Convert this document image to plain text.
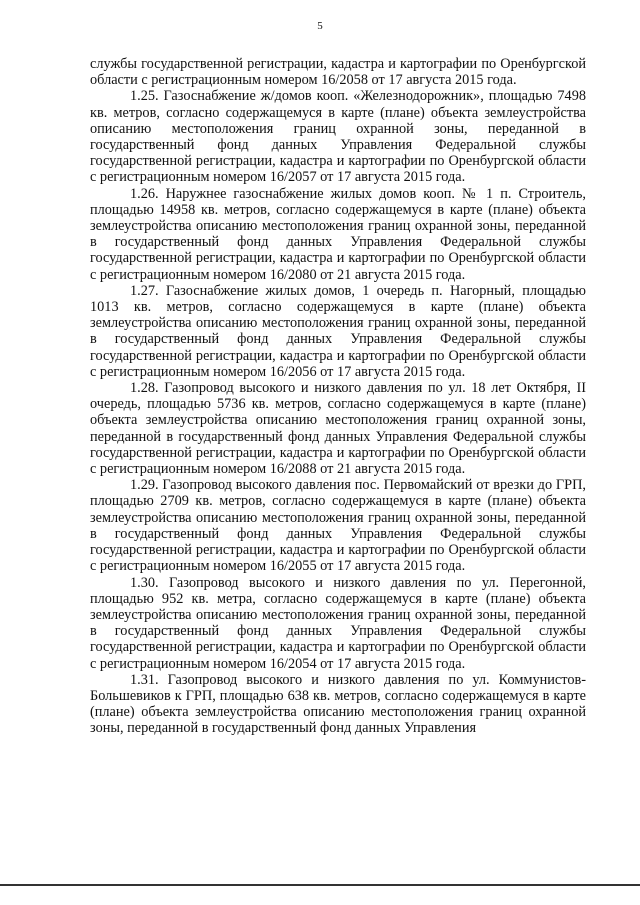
5

службы государственной регистрации, кадастра и картографии по Оренбургской области с регистрационным номером 16/2058 от 17 августа 2015 года.

1.25. Газоснабжение ж/домов кооп. «Железнодорожник», площадью 7498 кв. метров, согласно содержащемуся в карте (плане) объекта землеустройства описанию местоположения границ охранной зоны, переданной в государственный фонд данных Управления Федеральной службы государственной регистрации, кадастра и картографии по Оренбургской области с регистрационным номером 16/2057 от 17 августа 2015 года.

1.26. Наружнее газоснабжение жилых домов кооп. № 1 п. Строитель, площадью 14958 кв. метров, согласно содержащемуся в карте (плане) объекта землеустройства описанию местоположения границ охранной зоны, переданной в государственный фонд данных Управления Федеральной службы государственной регистрации, кадастра и картографии по Оренбургской области с регистрационным номером 16/2080 от 21 августа 2015 года.

1.27. Газоснабжение жилых домов, 1 очередь п. Нагорный, площадью 1013 кв. метров, согласно содержащемуся в карте (плане) объекта землеустройства описанию местоположения границ охранной зоны, переданной в государственный фонд данных Управления Федеральной службы государственной регистрации, кадастра и картографии по Оренбургской области с регистрационным номером 16/2056 от 17 августа 2015 года.

1.28. Газопровод высокого и низкого давления по ул. 18 лет Октября, II очередь, площадью 5736 кв. метров, согласно содержащемуся в карте (плане) объекта землеустройства описанию местоположения границ охранной зоны, переданной в государственный фонд данных Управления Федеральной службы государственной регистрации, кадастра и картографии по Оренбургской области с регистрационным номером 16/2088 от 21 августа 2015 года.

1.29. Газопровод высокого давления пос. Первомайский от врезки до ГРП, площадью 2709 кв. метров, согласно содержащемуся в карте (плане) объекта землеустройства описанию местоположения границ охранной зоны, переданной в государственный фонд данных Управления Федеральной службы государственной регистрации, кадастра и картографии по Оренбургской области с регистрационным номером 16/2055 от 17 августа 2015 года.

1.30. Газопровод высокого и низкого давления по ул. Перегонной, площадью 952 кв. метра, согласно содержащемуся в карте (плане) объекта землеустройства описанию местоположения границ охранной зоны, переданной в государственный фонд данных Управления Федеральной службы государственной регистрации, кадастра и картографии по Оренбургской области с регистрационным номером 16/2054 от 17 августа 2015 года.

1.31. Газопровод высокого и низкого давления по ул. Коммунистов-Большевиков к ГРП, площадью 638 кв. метров, согласно содержащемуся в карте (плане) объекта землеустройства описанию местоположения границ охранной зоны, переданной в государственный фонд данных Управления
